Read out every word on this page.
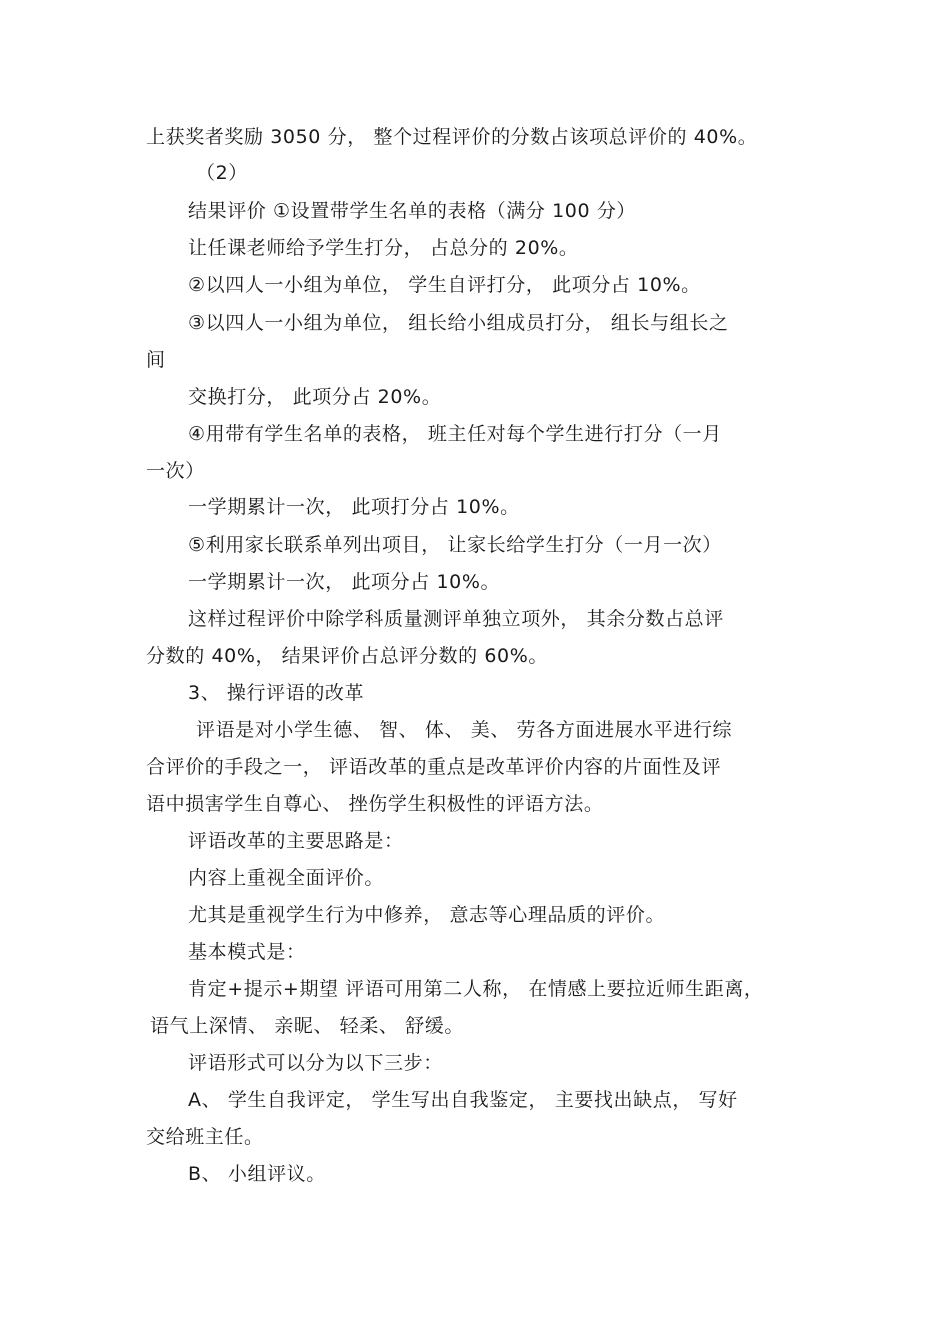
上获奖者奖励 3050 分， 整个过程评价的分数占该项总评价的 40%。
（2）
结果评价 ①设置带学生名单的表格（满分 100 分）
让任课老师给予学生打分， 占总分的 20%。
②以四人一小组为单位， 学生自评打分， 此项分占 10%。
③以四人一小组为单位， 组长给小组成员打分， 组长与组长之
间
交换打分， 此项分占 20%。
④用带有学生名单的表格， 班主任对每个学生进行打分（一月
一次）
一学期累计一次， 此项打分占 10%。
⑤利用家长联系单列出项目， 让家长给学生打分（一月一次）
一学期累计一次， 此项分占 10%。
这样过程评价中除学科质量测评单独立项外， 其余分数占总评
分数的 40%， 结果评价占总评分数的 60%。
3、 操行评语的改革
评语是对小学生德、 智、 体、 美、 劳各方面进展水平进行综
合评价的手段之一， 评语改革的重点是改革评价内容的片面性及评
语中损害学生自尊心、 挫伤学生积极性的评语方法。
评语改革的主要思路是：
内容上重视全面评价。
尤其是重视学生行为中修养， 意志等心理品质的评价。
基本模式是：
肯定+提示+期望 评语可用第二人称， 在情感上要拉近师生距离，
语气上深情、 亲昵、 轻柔、 舒缓。
评语形式可以分为以下三步：
A、 学生自我评定， 学生写出自我鉴定， 主要找出缺点， 写好
交给班主任。
B、 小组评议。
